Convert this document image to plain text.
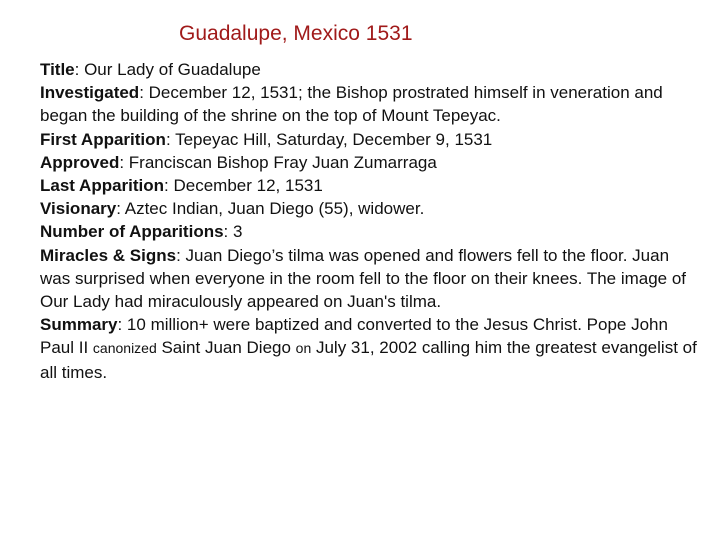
Guadalupe, Mexico 1531

Title: Our Lady of Guadalupe

Investigated: December 12, 1531; the Bishop prostrated himself in veneration and began the building of the shrine on the top of Mount Tepeyac.

First Apparition: Tepeyac Hill, Saturday, December 9, 1531

Approved: Franciscan Bishop Fray Juan Zumarraga

Last Apparition: December 12, 1531

Visionary: Aztec Indian, Juan Diego (55), widower.

Number of Apparitions: 3

Miracles & Signs: Juan Diego’s tilma was opened and flowers fell to the floor. Juan was surprised when everyone in the room fell to the floor on their knees. The image of Our Lady had miraculously appeared on Juan's tilma.

Summary: 10 million+ were baptized and converted to the Jesus Christ. Pope John Paul II canonized Saint Juan Diego on July 31, 2002 calling him the greatest evangelist of all times.
